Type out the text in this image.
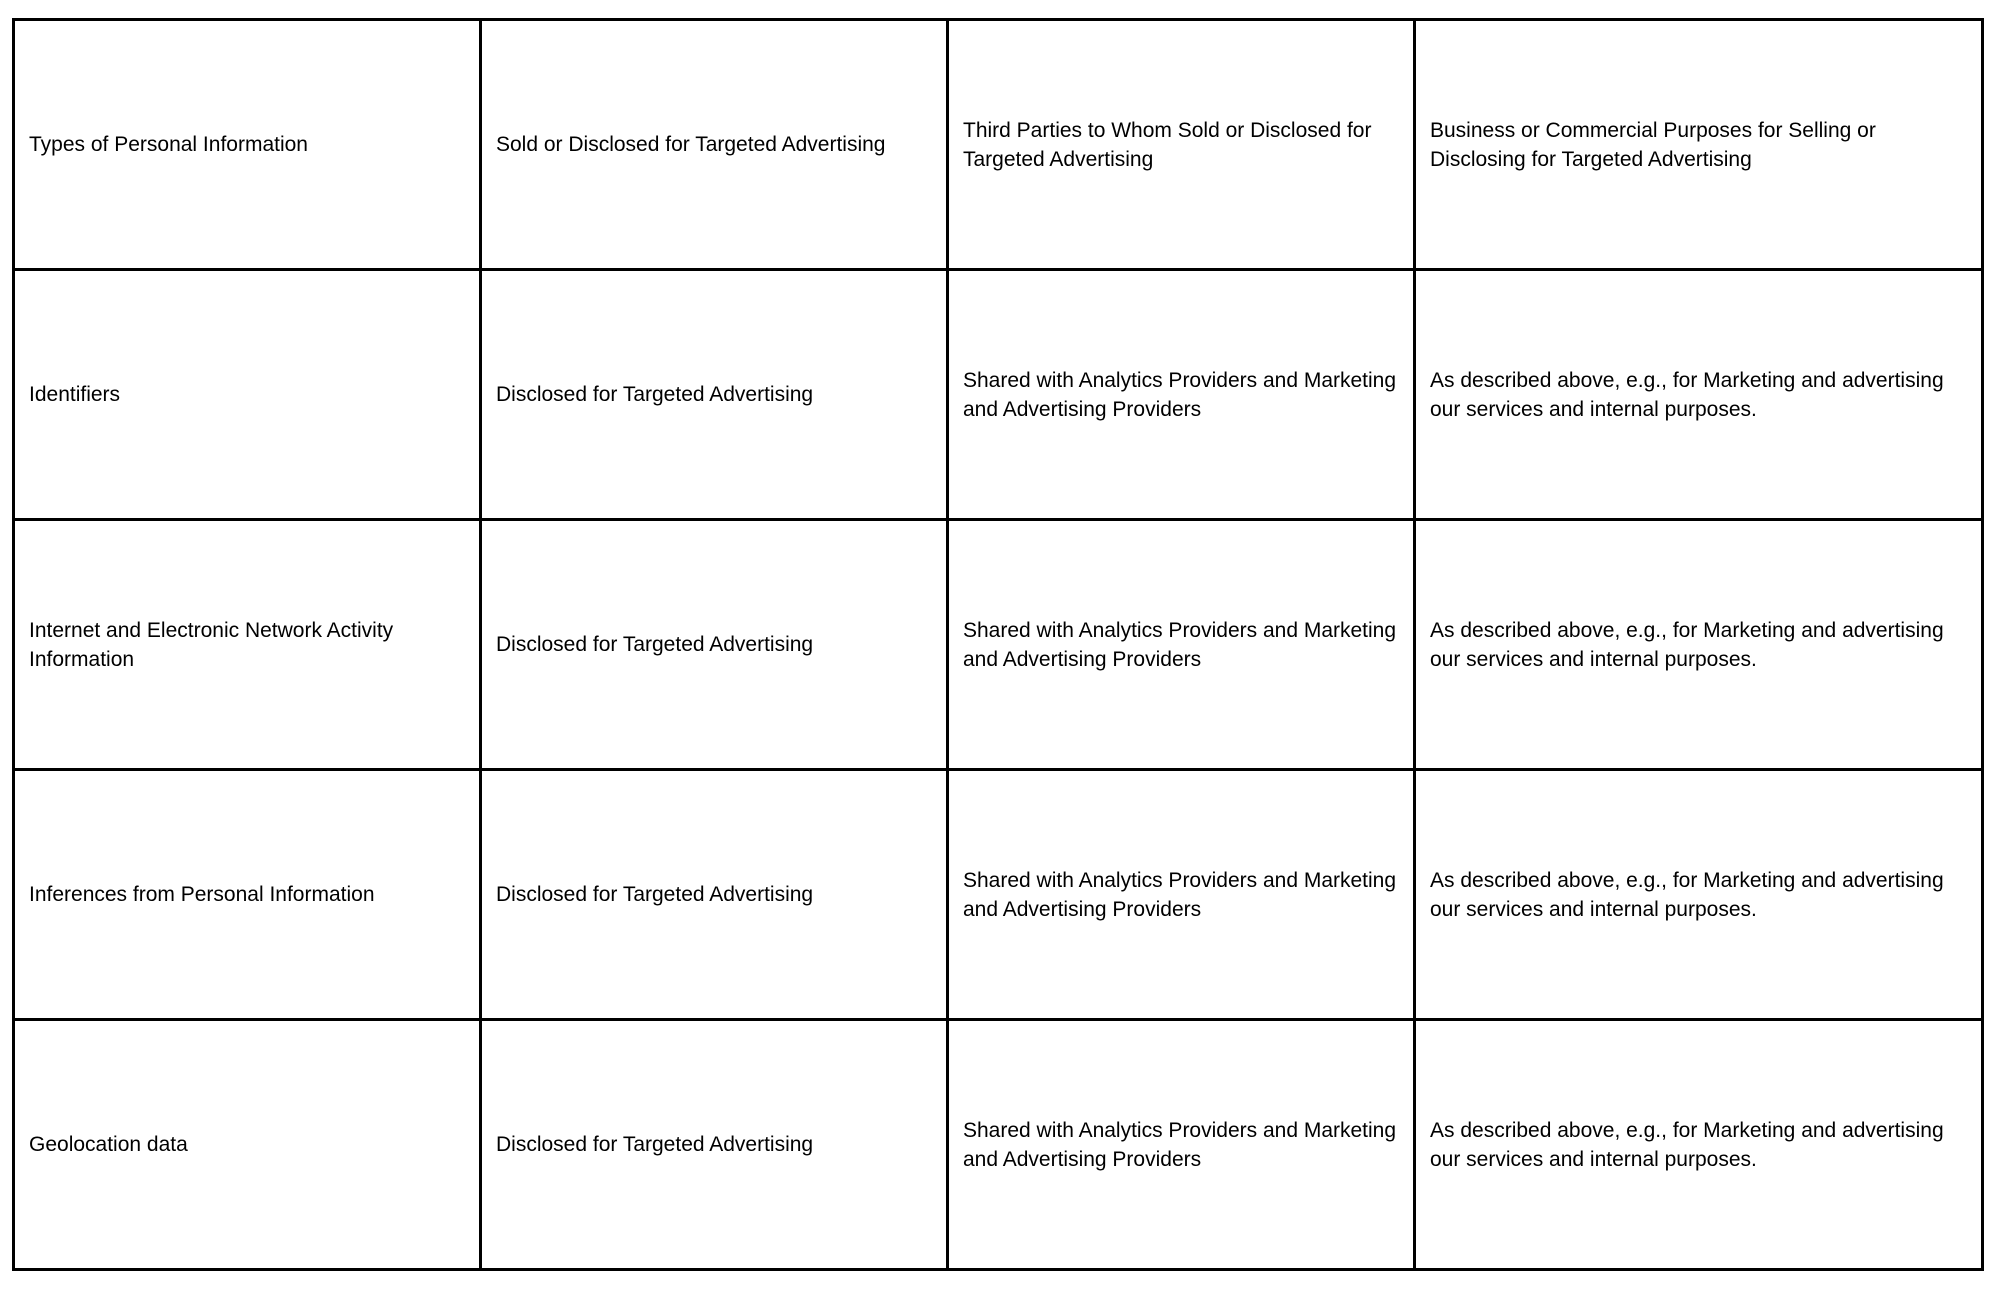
Types of Personal Information	Sold or Disclosed for Targeted Advertising	Third Parties to Whom Sold or Disclosed for Targeted Advertising	Business or Commercial Purposes for Selling or Disclosing for Targeted Advertising
Identifiers	Disclosed for Targeted Advertising	Shared with Analytics Providers and Marketing and Advertising Providers	As described above, e.g., for Marketing and advertising our services and internal purposes.
Internet and Electronic Network Activity Information	Disclosed for Targeted Advertising	Shared with Analytics Providers and Marketing and Advertising Providers	As described above, e.g., for Marketing and advertising our services and internal purposes.
Inferences from Personal Information	Disclosed for Targeted Advertising	Shared with Analytics Providers and Marketing and Advertising Providers	As described above, e.g., for Marketing and advertising our services and internal purposes.
Geolocation data	Disclosed for Targeted Advertising	Shared with Analytics Providers and Marketing and Advertising Providers	As described above, e.g., for Marketing and advertising our services and internal purposes.
